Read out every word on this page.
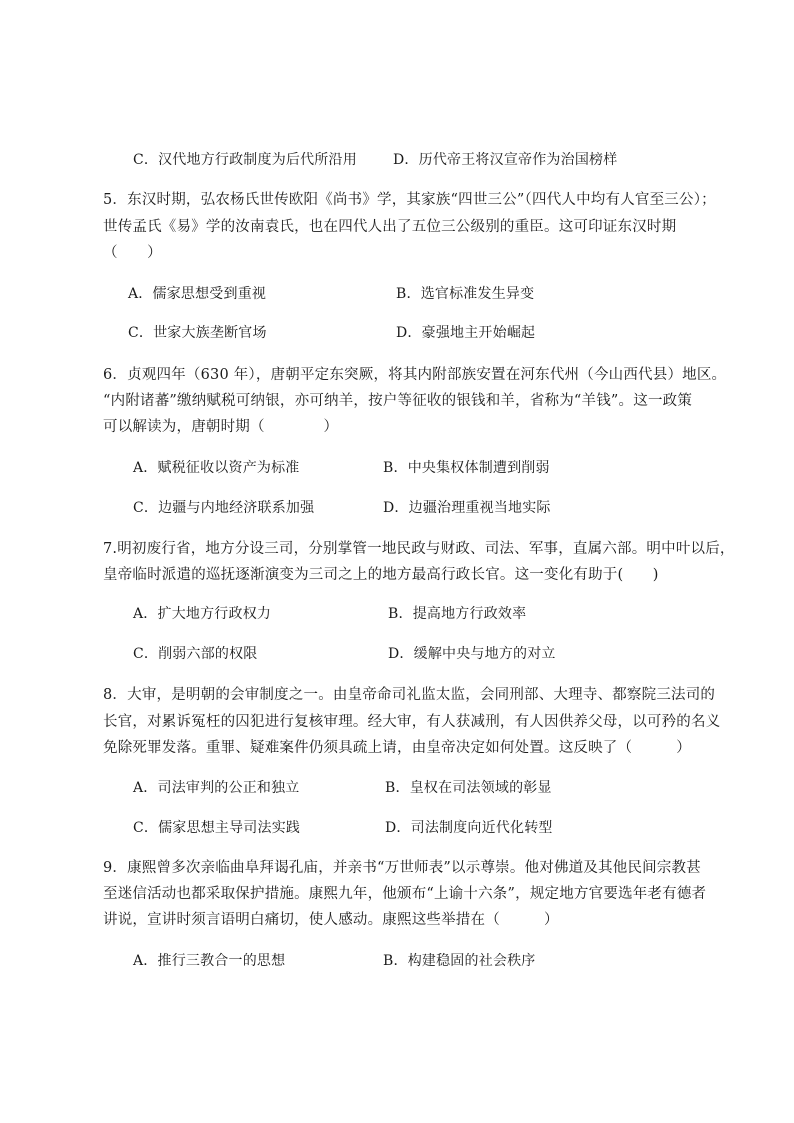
C．汉代地方行政制度为后代所沿用	D．历代帝王将汉宣帝作为治国榜样
5．东汉时期，弘农杨氏世传欧阳《尚书》学，其家族“四世三公”（四代人中均有人官至三公）；
世传孟氏《易》学的汝南袁氏，也在四代人出了五位三公级别的重臣。这可印证东汉时期
（　　）
A．儒家思想受到重视	B．选官标准发生异变
C．世家大族垄断官场	D．豪强地主开始崛起
6．贞观四年（630 年），唐朝平定东突厥，将其内附部族安置在河东代州（今山西代县）地区。
“内附诸蕃”缴纳赋税可纳银，亦可纳羊，按户等征收的银钱和羊，省称为“羊钱”。这一政策
可以解读为，唐朝时期（　　　　）
A．赋税征收以资产为标准	B．中央集权体制遭到削弱
C．边疆与内地经济联系加强	D．边疆治理重视当地实际
7.明初废行省，地方分设三司，分别掌管一地民政与财政、司法、军事，直属六部。明中叶以后，
皇帝临时派遣的巡抚逐渐演变为三司之上的地方最高行政长官。这一变化有助于(　　)
A．扩大地方行政权力	B．提高地方行政效率
C．削弱六部的权限	D．缓解中央与地方的对立
8．大审，是明朝的会审制度之一。由皇帝命司礼监太监，会同刑部、大理寺、都察院三法司的
长官，对累诉冤枉的囚犯进行复核审理。经大审，有人获减刑，有人因供养父母，以可矜的名义
免除死罪发落。重罪、疑难案件仍须具疏上请，由皇帝决定如何处置。这反映了（　　　）
A．司法审判的公正和独立	B．皇权在司法领域的彰显
C．儒家思想主导司法实践	D．司法制度向近代化转型
9．康熙曾多次亲临曲阜拜谒孔庙，并亲书“万世师表”以示尊崇。他对佛道及其他民间宗教甚
至迷信活动也都采取保护措施。康熙九年，他颁布“上谕十六条”，规定地方官要选年老有德者
讲说，宣讲时须言语明白痛切，使人感动。康熙这些举措在（　　　）
A．推行三教合一的思想	B．构建稳固的社会秩序
